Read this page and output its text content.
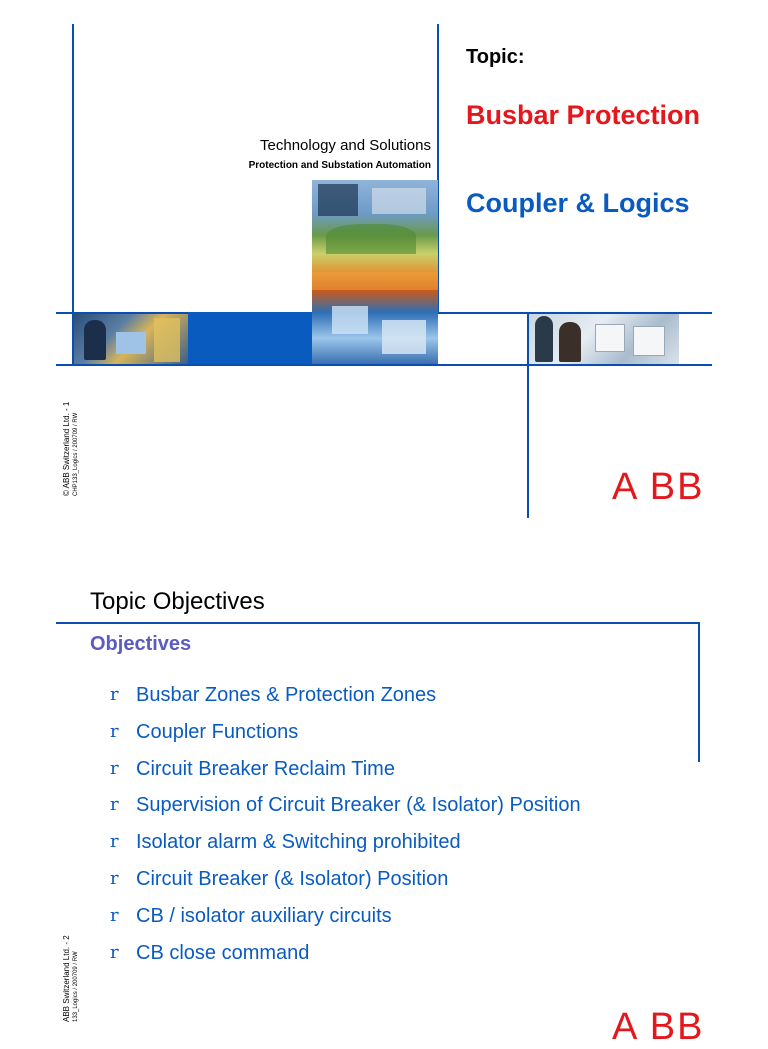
Technology and Solutions
Protection and Substation Automation
Topic:
Busbar Protection
Coupler & Logics
© ABB Switzerland Ltd. - 1 CHP133_Logics / 200709 / RW	A BB
Topic Objectives
Objectives
r Busbar Zones & Protection Zones
r Coupler Functions
r Circuit Breaker Reclaim Time
r Supervision of Circuit Breaker (& Isolator) Position
r Isolator alarm & Switching prohibited
r Circuit Breaker (& Isolator) Position
r CB / isolator auxiliary circuits
r CB close command
ABB Switzerland Ltd. - 2 133_Logics / 200709 / RW
A BB
